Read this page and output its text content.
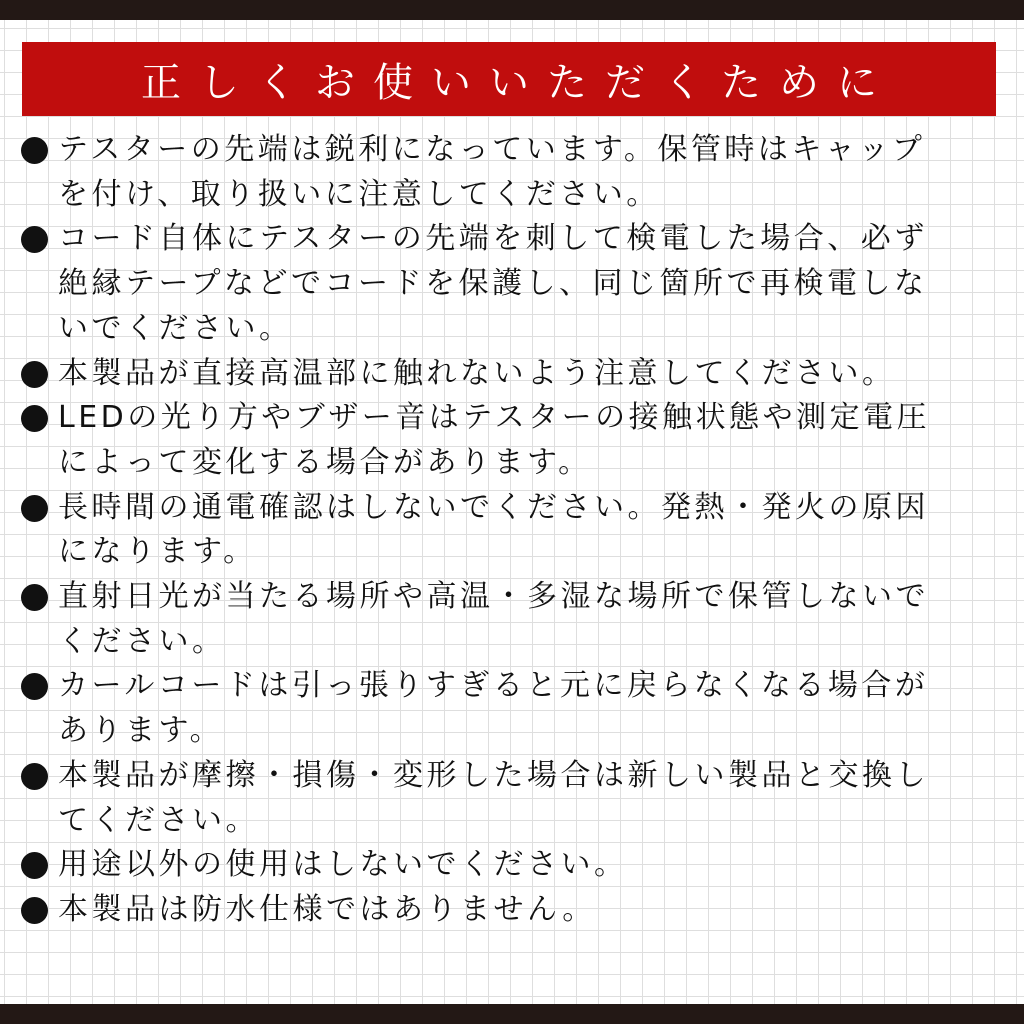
正しくお使いいただくために
テスターの先端は鋭利になっています。保管時はキャップ
を付け、取り扱いに注意してください。
コード自体にテスターの先端を刺して検電した場合、必ず
絶縁テープなどでコードを保護し、同じ箇所で再検電しな
いでください。
本製品が直接高温部に触れないよう注意してください。
LEDの光り方やブザー音はテスターの接触状態や測定電圧
によって変化する場合があります。
長時間の通電確認はしないでください。発熱・発火の原因
になります。
直射日光が当たる場所や高温・多湿な場所で保管しないで
ください。
カールコードは引っ張りすぎると元に戻らなくなる場合が
あります。
本製品が摩擦・損傷・変形した場合は新しい製品と交換し
てください。
用途以外の使用はしないでください。
本製品は防水仕様ではありません。
